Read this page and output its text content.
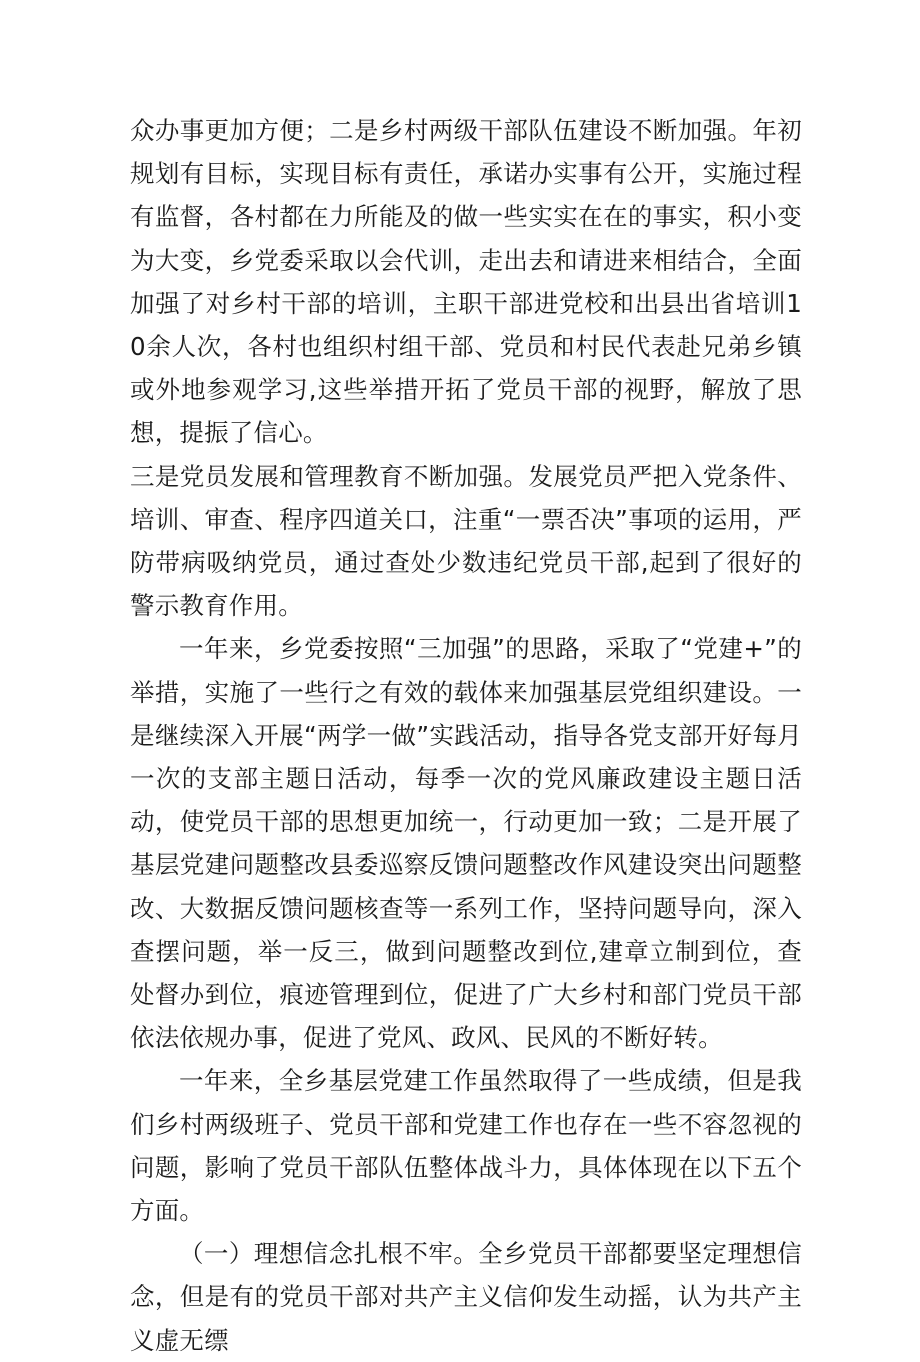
众办事更加方便；二是乡村两级干部队伍建设不断加强。年初规划有目标，实现目标有责任，承诺办实事有公开，实施过程有监督，各村都在力所能及的做一些实实在在的事实，积小变为大变，乡党委采取以会代训，走出去和请进来相结合，全面加强了对乡村干部的培训，主职干部进党校和出县出省培训10余人次，各村也组织村组干部、党员和村民代表赴兄弟乡镇或外地参观学习,这些举措开拓了党员干部的视野，解放了思想，提振了信心。

三是党员发展和管理教育不断加强。发展党员严把入党条件、培训、审查、程序四道关口，注重“一票否决”事项的运用，严防带病吸纳党员，通过查处少数违纪党员干部,起到了很好的警示教育作用。

一年来，乡党委按照“三加强”的思路，采取了“党建+”的举措，实施了一些行之有效的载体来加强基层党组织建设。一是继续深入开展“两学一做”实践活动，指导各党支部开好每月一次的支部主题日活动，每季一次的党风廉政建设主题日活动，使党员干部的思想更加统一，行动更加一致；二是开展了基层党建问题整改县委巡察反馈问题整改作风建设突出问题整改、大数据反馈问题核查等一系列工作，坚持问题导向，深入查摆问题，举一反三，做到问题整改到位,建章立制到位，查处督办到位，痕迹管理到位，促进了广大乡村和部门党员干部依法依规办事，促进了党风、政风、民风的不断好转。

一年来，全乡基层党建工作虽然取得了一些成绩，但是我们乡村两级班子、党员干部和党建工作也存在一些不容忽视的问题，影响了党员干部队伍整体战斗力，具体体现在以下五个方面。

（一）理想信念扎根不牢。全乡党员干部都要坚定理想信念，但是有的党员干部对共产主义信仰发生动摇，认为共产主义虚无缥
